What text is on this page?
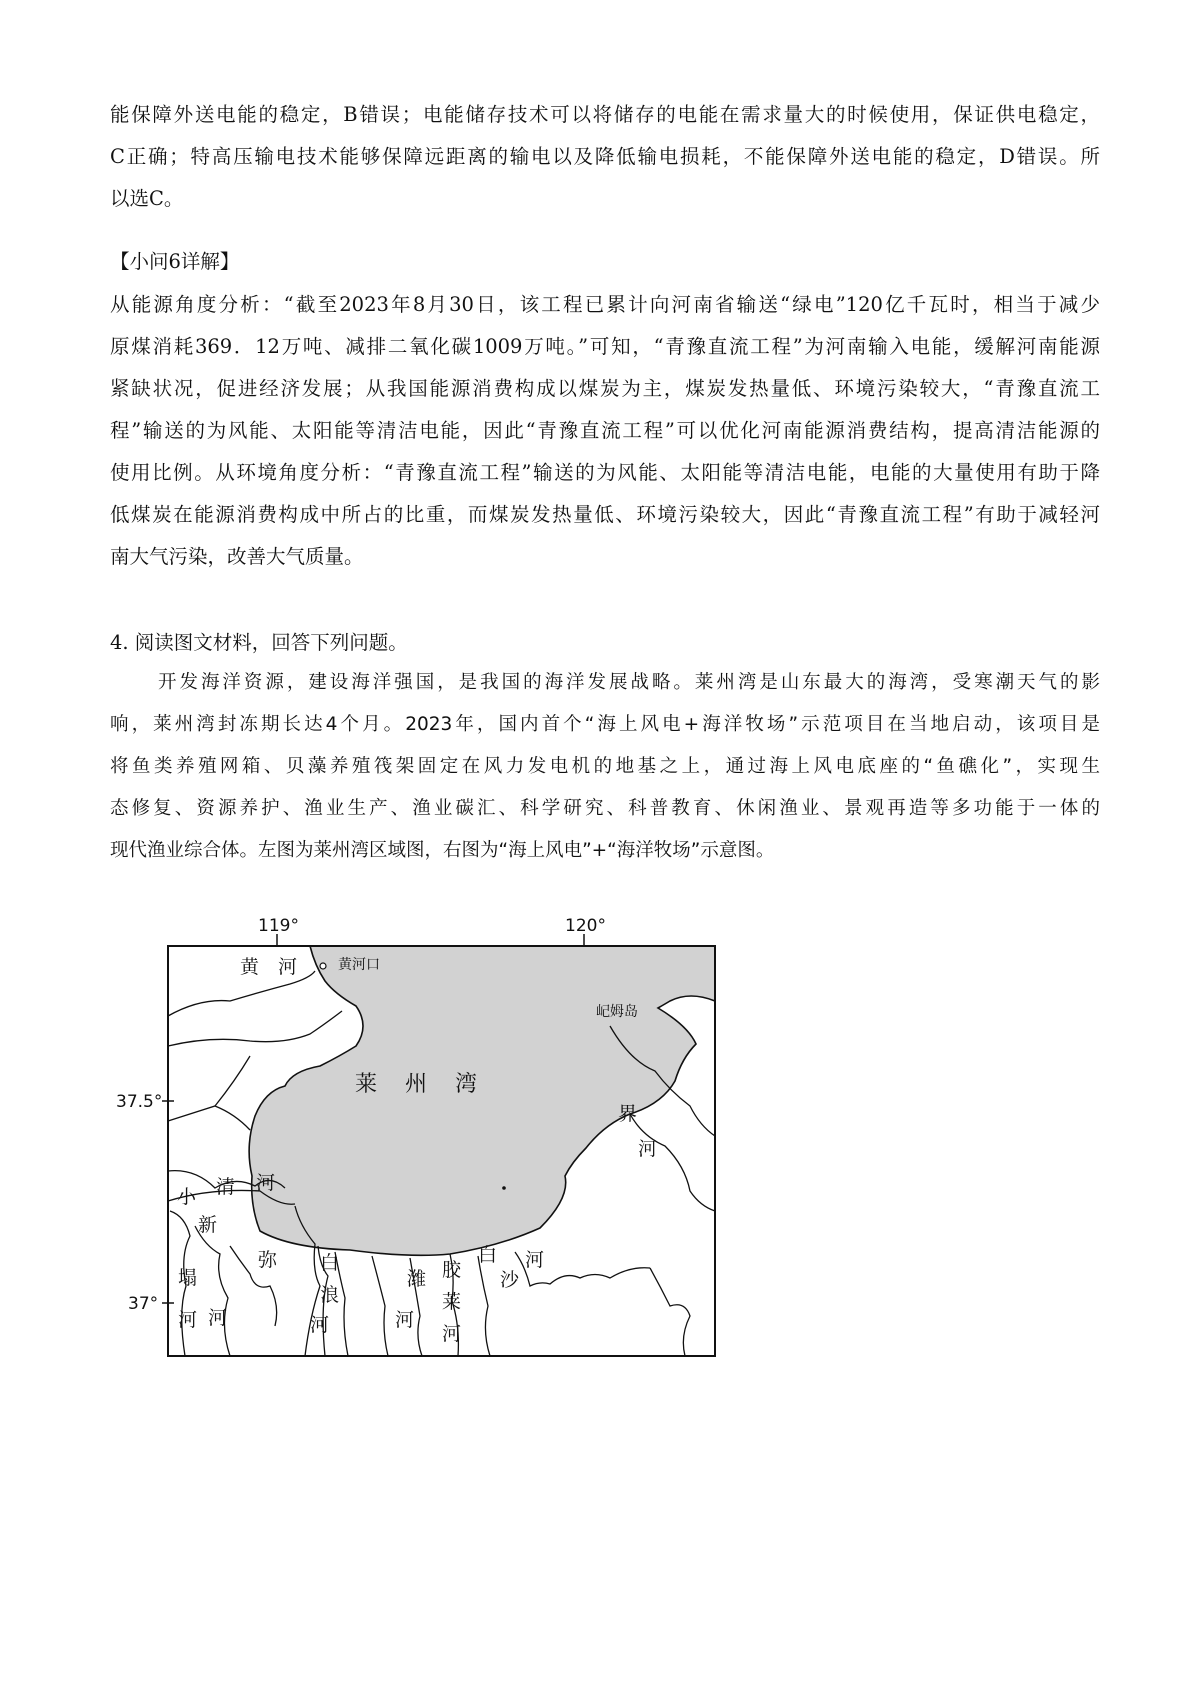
能保障外送电能的稳定，B错误；电能储存技术可以将储存的电能在需求量大的时候使用，保证供电稳定，
C正确；特高压输电技术能够保障远距离的输电以及降低输电损耗，不能保障外送电能的稳定，D错误。所
以选C。
【小问6详解】
从能源角度分析：“截至2023年8月30日，该工程已累计向河南省输送“绿电”120亿千瓦时，相当于减少
原煤消耗369．12万吨、减排二氧化碳1009万吨。”可知，“青豫直流工程”为河南输入电能，缓解河南能源
紧缺状况，促进经济发展；从我国能源消费构成以煤炭为主，煤炭发热量低、环境污染较大，“青豫直流工
程”输送的为风能、太阳能等清洁电能，因此“青豫直流工程”可以优化河南能源消费结构，提高清洁能源的
使用比例。从环境角度分析：“青豫直流工程”输送的为风能、太阳能等清洁电能，电能的大量使用有助于降
低煤炭在能源消费构成中所占的比重，而煤炭发热量低、环境污染较大，因此“青豫直流工程”有助于减轻河
南大气污染，改善大气质量。
4. 阅读图文材料，回答下列问题。
开发海洋资源，建设海洋强国，是我国的海洋发展战略。莱州湾是山东最大的海湾，受寒潮天气的影
响，莱州湾封冻期长达4个月。2023年，国内首个“海上风电+海洋牧场”示范项目在当地启动，该项目是
将鱼类养殖网箱、贝藻养殖筏架固定在风力发电机的地基之上，通过海上风电底座的“鱼礁化”，实现生
态修复、资源养护、渔业生产、渔业碳汇、科学研究、科普教育、休闲渔业、景观再造等多功能于一体的
现代渔业综合体。左图为莱州湾区域图，右图为“海上风电”+“海洋牧场”示意图。
119°	120°
37.5°
37°
莱 州 湾
黄河口
屺姆岛
黄 河
小 清 河
新
塌
河
弥
河
白
浪
河
潍
河
胶
莱
河
白
沙
河
界
河
